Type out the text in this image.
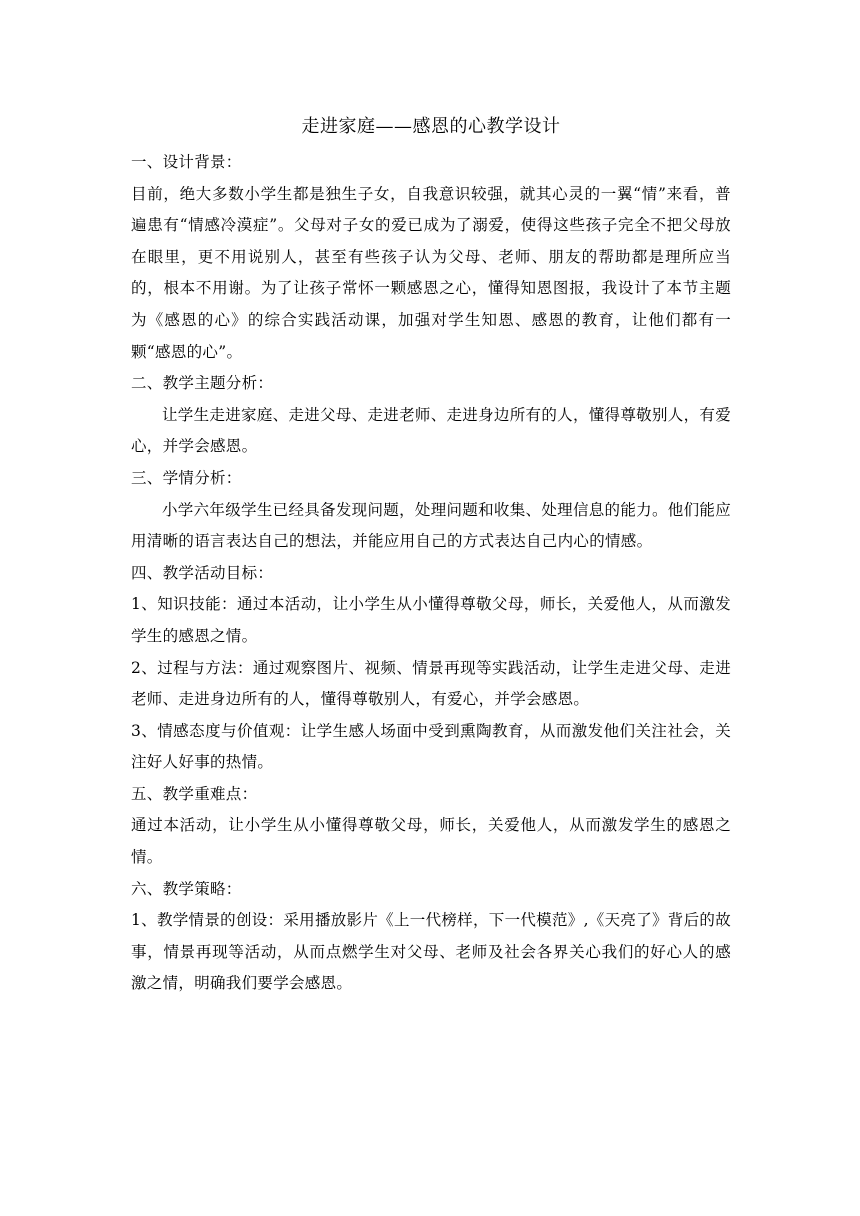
走进家庭——感恩的心教学设计

一、设计背景：

目前，绝大多数小学生都是独生子女，自我意识较强，就其心灵的一翼“情”来看，普遍患有“情感冷漠症”。父母对子女的爱已成为了溺爱，使得这些孩子完全不把父母放在眼里，更不用说别人，甚至有些孩子认为父母、老师、朋友的帮助都是理所应当的，根本不用谢。为了让孩子常怀一颗感恩之心，懂得知恩图报，我设计了本节主题为《感恩的心》的综合实践活动课，加强对学生知恩、感恩的教育，让他们都有一颗“感恩的心”。

二、教学主题分析：

让学生走进家庭、走进父母、走进老师、走进身边所有的人，懂得尊敬别人，有爱心，并学会感恩。

三、学情分析：

小学六年级学生已经具备发现问题，处理问题和收集、处理信息的能力。他们能应用清晰的语言表达自己的想法，并能应用自己的方式表达自己内心的情感。

四、教学活动目标：

1、知识技能：通过本活动，让小学生从小懂得尊敬父母，师长，关爱他人，从而激发学生的感恩之情。

2、过程与方法：通过观察图片、视频、情景再现等实践活动，让学生走进父母、走进老师、走进身边所有的人，懂得尊敬别人，有爱心，并学会感恩。

3、情感态度与价值观：让学生感人场面中受到熏陶教育，从而激发他们关注社会，关注好人好事的热情。

五、教学重难点：

通过本活动，让小学生从小懂得尊敬父母，师长，关爱他人，从而激发学生的感恩之情。

六、教学策略：

1、教学情景的创设：采用播放影片《上一代榜样，下一代模范》,《天亮了》背后的故事，情景再现等活动，从而点燃学生对父母、老师及社会各界关心我们的好心人的感激之情，明确我们要学会感恩。
